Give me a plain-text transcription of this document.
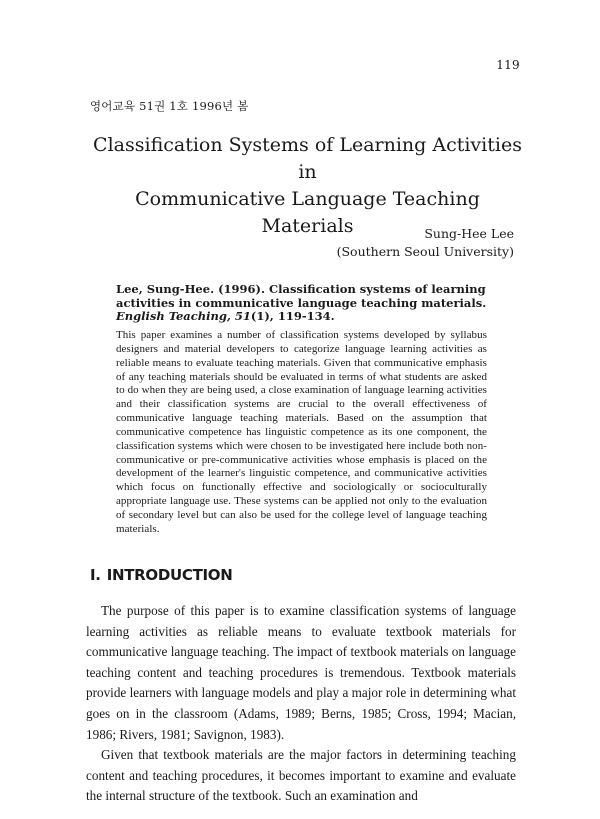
119
영어교육 51권 1호 1996년 봄
Classification Systems of Learning Activities in
Communicative Language Teaching Materials	Sung-Hee Lee
(Southern Seoul University)
Lee, Sung-Hee. (1996). Classification systems of learning activities in communicative language teaching materials. English Teaching, 51(1), 119-134.
This paper examines a number of classification systems developed by syllabus designers and material developers to categorize language learning activities as reliable means to evaluate teaching materials. Given that communicative emphasis of any teaching materials should be evaluated in terms of what students are asked to do when they are being used, a close examination of language learning activities and their classification systems are crucial to the overall effectiveness of communicative language teaching materials. Based on the assumption that communicative competence has linguistic competence as its one component, the classification systems which were chosen to be investigated here include both non-communicative or pre-communicative activities whose emphasis is placed on the development of the learner's linguistic competence, and communicative activities which focus on functionally effective and sociologically or socioculturally appropriate language use. These systems can be applied not only to the evaluation of secondary level but can also be used for the college level of language teaching materials.
Ⅰ. INTRODUCTION

The purpose of this paper is to examine classification systems of language learning activities as reliable means to evaluate textbook materials for communicative language teaching. The impact of textbook materials on language teaching content and teaching procedures is tremendous. Textbook materials provide learners with language models and play a major role in determining what goes on in the classroom (Adams, 1989; Berns, 1985; Cross, 1994; Macian, 1986; Rivers, 1981; Savignon, 1983).

Given that textbook materials are the major factors in determining teaching content and teaching procedures, it becomes important to examine and evaluate the internal structure of the textbook. Such an examination and
